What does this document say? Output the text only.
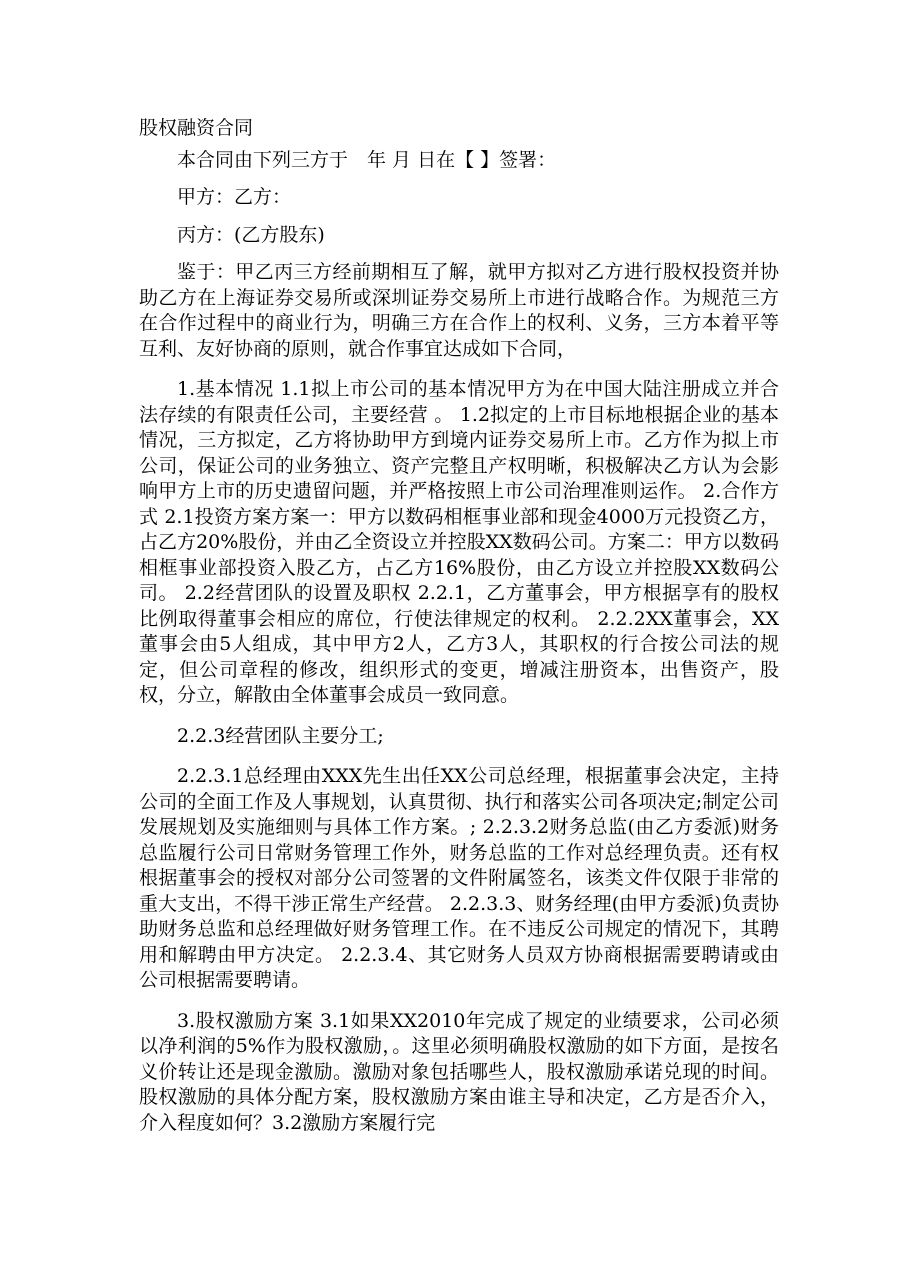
股权融资合同
本合同由下列三方于　年 月 日在【 】签署：
甲方：乙方：
丙方：(乙方股东)
鉴于：甲乙丙三方经前期相互了解，就甲方拟对乙方进行股权投资并协助乙方在上海证券交易所或深圳证券交易所上市进行战略合作。为规范三方在合作过程中的商业行为，明确三方在合作上的权利、义务，三方本着平等互利、友好协商的原则，就合作事宜达成如下合同，
1.基本情况 1.1拟上市公司的基本情况甲方为在中国大陆注册成立并合法存续的有限责任公司，主要经营 。 1.2拟定的上市目标地根据企业的基本情况，三方拟定，乙方将协助甲方到境内证券交易所上市。乙方作为拟上市公司，保证公司的业务独立、资产完整且产权明晰，积极解决乙方认为会影响甲方上市的历史遗留问题，并严格按照上市公司治理准则运作。 2.合作方式 2.1投资方案方案一：甲方以数码相框事业部和现金4000万元投资乙方，占乙方20%股份，并由乙全资设立并控股XX数码公司。方案二：甲方以数码相框事业部投资入股乙方，占乙方16%股份，由乙方设立并控股XX数码公司。 2.2经营团队的设置及职权 2.2.1，乙方董事会，甲方根据享有的股权比例取得董事会相应的席位，行使法律规定的权利。 2.2.2XX董事会，XX董事会由5人组成，其中甲方2人，乙方3人，其职权的行合按公司法的规定，但公司章程的修改，组织形式的变更，增减注册资本，出售资产，股权，分立，解散由全体董事会成员一致同意。
2.2.3经营团队主要分工;
2.2.3.1总经理由XXX先生出任XX公司总经理，根据董事会决定，主持公司的全面工作及人事规划，认真贯彻、执行和落实公司各项决定;制定公司发展规划及实施细则与具体工作方案。; 2.2.3.2财务总监(由乙方委派)财务总监履行公司日常财务管理工作外，财务总监的工作对总经理负责。还有权根据董事会的授权对部分公司签署的文件附属签名，该类文件仅限于非常的重大支出，不得干涉正常生产经营。 2.2.3.3、财务经理(由甲方委派)负责协助财务总监和总经理做好财务管理工作。在不违反公司规定的情况下，其聘用和解聘由甲方决定。 2.2.3.4、其它财务人员双方协商根据需要聘请或由公司根据需要聘请。
3.股权激励方案 3.1如果XX2010年完成了规定的业绩要求，公司必须以净利润的5%作为股权激励，。这里必须明确股权激励的如下方面，是按名义价转让还是现金激励。激励对象包括哪些人，股权激励承诺兑现的时间。股权激励的具体分配方案，股权激励方案由谁主导和决定，乙方是否介入，介入程度如何？3.2激励方案履行完
